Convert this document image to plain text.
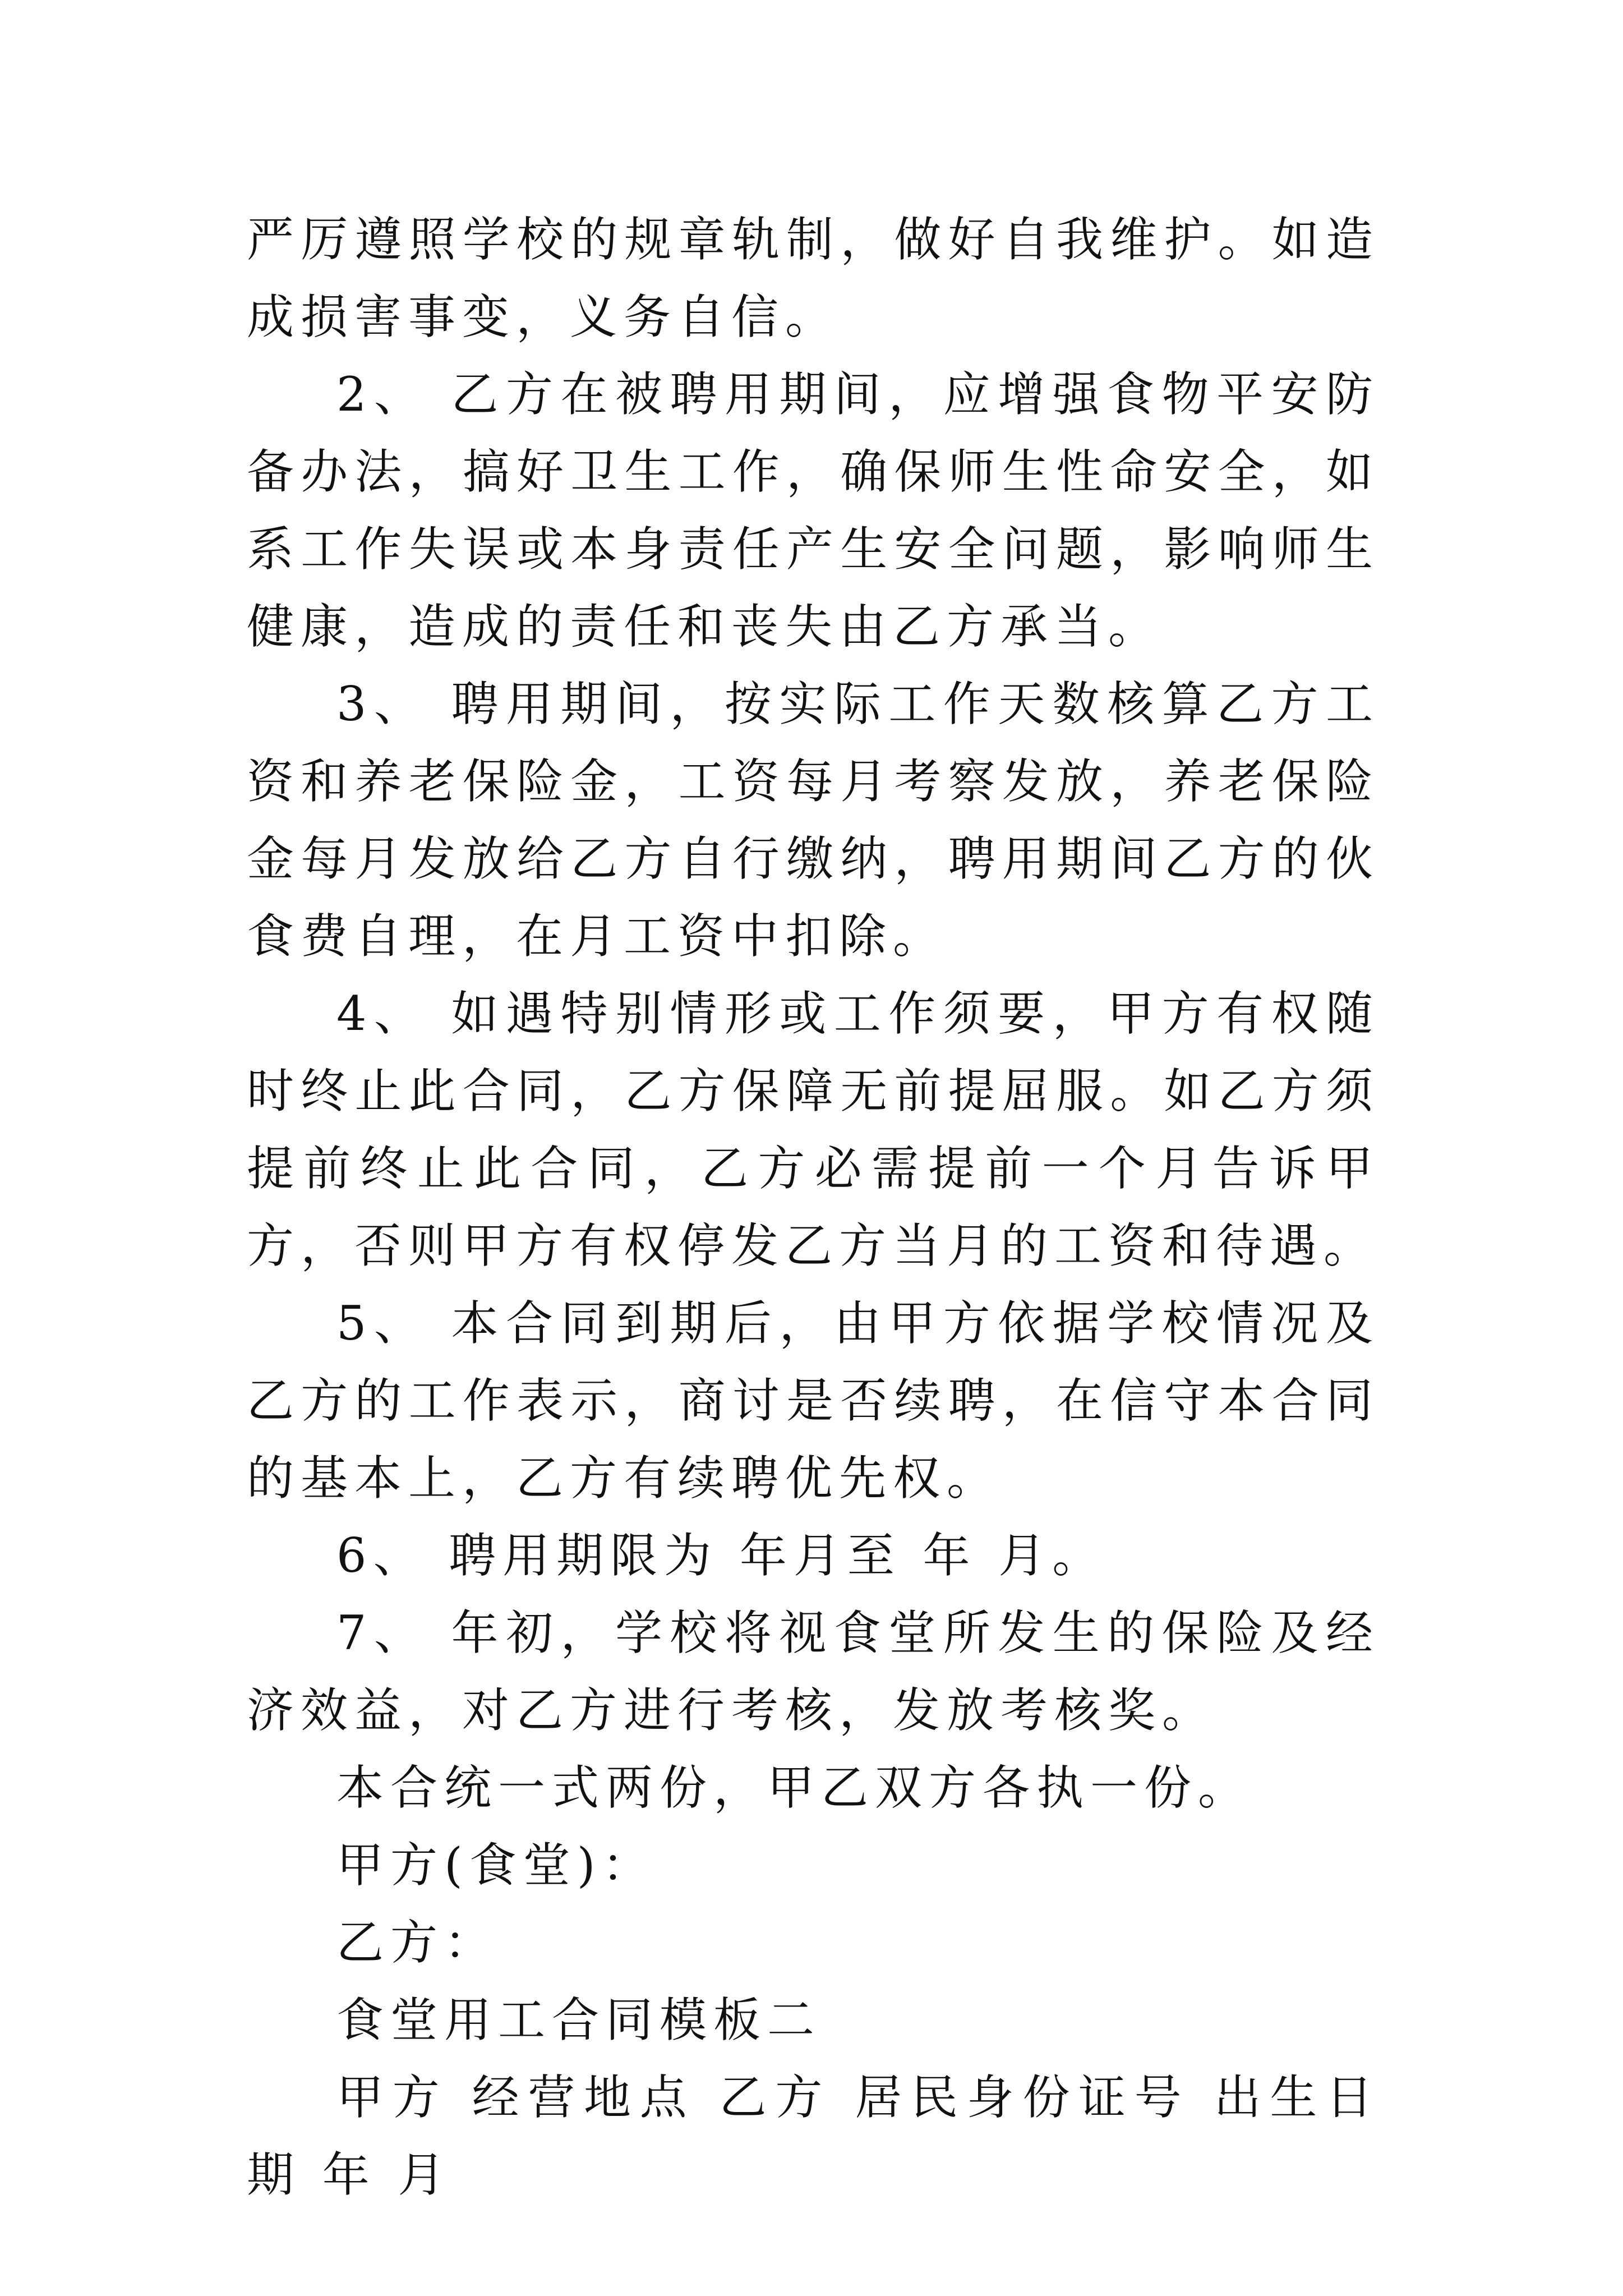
严厉遵照学校的规章轨制，做好自我维护。如造成损害事变，义务自信。

2、 乙方在被聘用期间，应增强食物平安防备办法，搞好卫生工作，确保师生性命安全，如系工作失误或本身责任产生安全问题，影响师生健康，造成的责任和丧失由乙方承当。

3、 聘用期间，按实际工作天数核算乙方工资和养老保险金，工资每月考察发放，养老保险金每月发放给乙方自行缴纳，聘用期间乙方的伙食费自理，在月工资中扣除。

4、 如遇特别情形或工作须要，甲方有权随时终止此合同，乙方保障无前提屈服。如乙方须提前终止此合同，乙方必需提前一个月告诉甲方，否则甲方有权停发乙方当月的工资和待遇。

5、 本合同到期后，由甲方依据学校情况及乙方的工作表示，商讨是否续聘，在信守本合同的基本上，乙方有续聘优先权。

6、 聘用期限为 年月至 年 月。

7、 年初，学校将视食堂所发生的保险及经济效益，对乙方进行考核，发放考核奖。

本合统一式两份，甲乙双方各执一份。

甲方(食堂)：

乙方：

食堂用工合同模板二

甲方 经营地点 乙方 居民身份证号 出生日期 年 月
